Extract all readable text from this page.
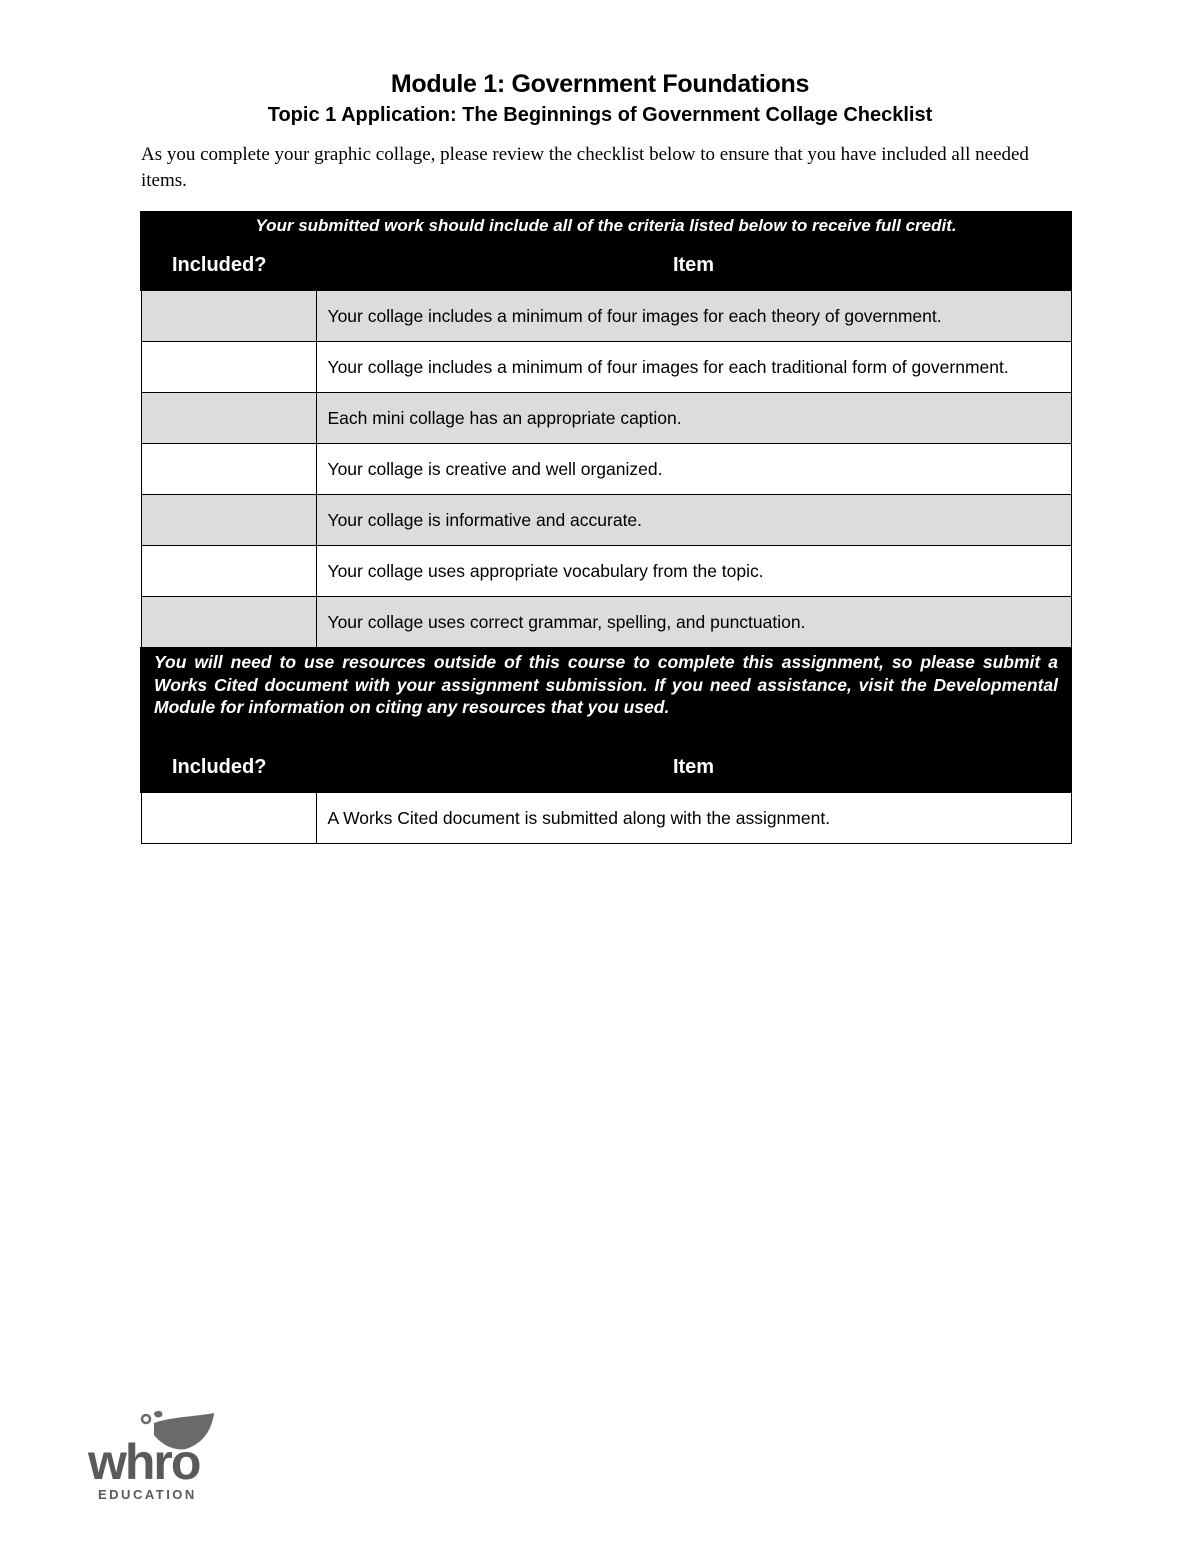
Module 1: Government Foundations
Topic 1 Application: The Beginnings of Government Collage Checklist
As you complete your graphic collage, please review the checklist below to ensure that you have included all needed items.
Your submitted work should include all of the criteria listed below to receive full credit.	
Included?	Item
	Your collage includes a minimum of four images for each theory of government.
	Your collage includes a minimum of four images for each traditional form of government.
	Each mini collage has an appropriate caption.
	Your collage is creative and well organized.
	Your collage is informative and accurate.
	Your collage uses appropriate vocabulary from the topic.
	Your collage uses correct grammar, spelling, and punctuation.
You will need to use resources outside of this course to complete this assignment, so please submit a Works Cited document with your assignment submission. If you need assistance, visit the Developmental Module for information on citing any resources that you used.	
Included?	Item
	A Works Cited document is submitted along with the assignment.
whro
EDUCATION
